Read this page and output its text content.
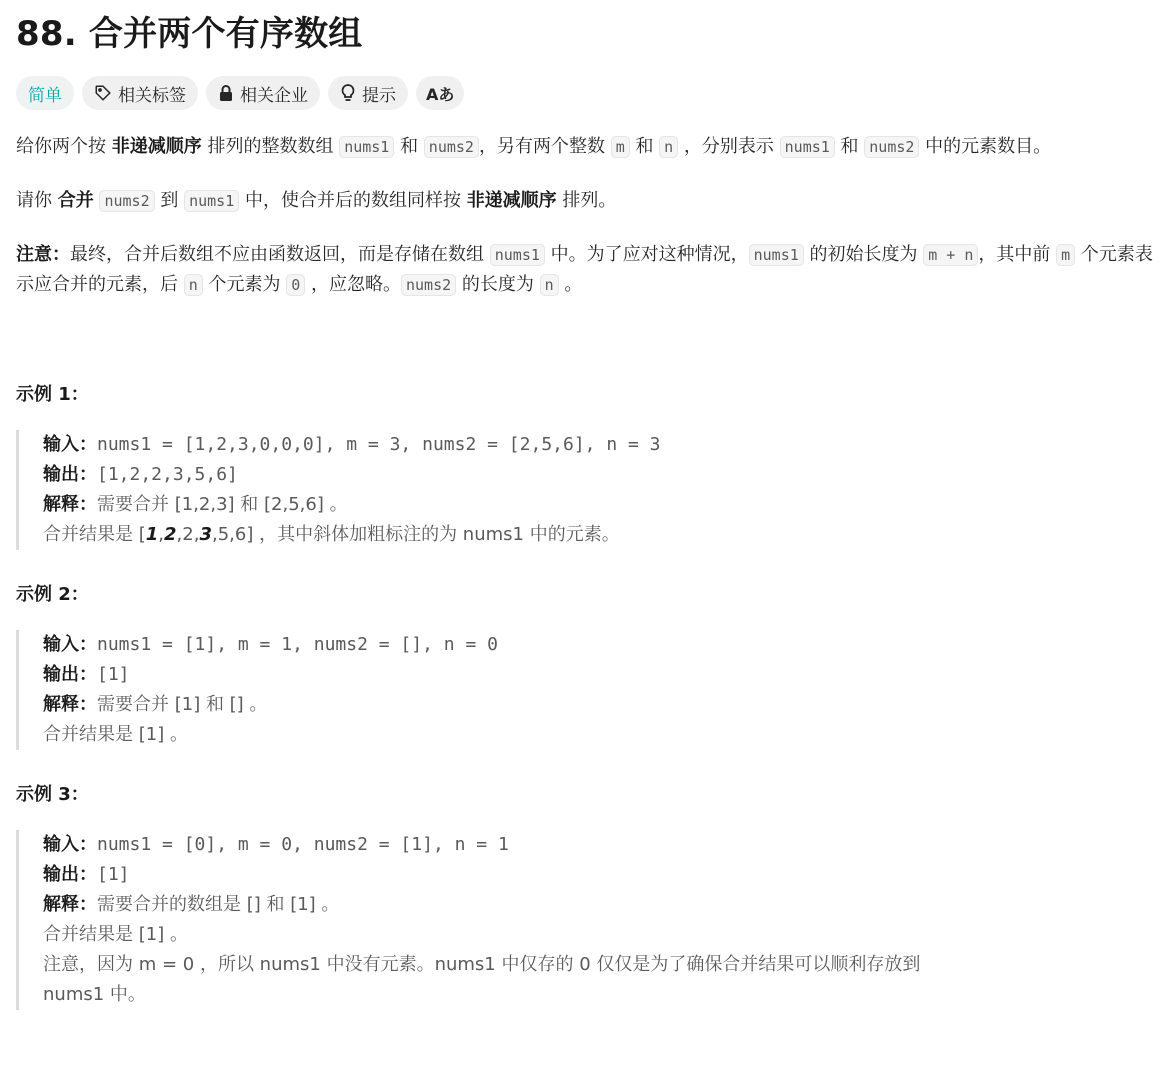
88. 合并两个有序数组
简单	相关标签	相关企业	提示 Aあ

给你两个按 非递减顺序 排列的整数数组 nums1 和 nums2 ，另有两个整数 m 和 n ，分别表示 nums1 和 nums2 中的元素数目。

请你 合并 nums2 到 nums1 中，使合并后的数组同样按 非递减顺序 排列。

注意：最终，合并后数组不应由函数返回，而是存储在数组 nums1 中。为了应对这种情况， nums1 的初始长度为 m + n ，其中前 m 个元素表示应合并的元素，后 n 个元素为 0 ，应忽略。 nums2 的长度为 n 。

示例 1：

输入：nums1 = [1,2,3,0,0,0], m = 3, nums2 = [2,5,6], n = 3
输出：[1,2,2,3,5,6]
解释：需要合并 [1,2,3] 和 [2,5,6] 。
合并结果是 [1,2,2,3,5,6] ，其中斜体加粗标注的为 nums1 中的元素。

示例 2：

输入：nums1 = [1], m = 1, nums2 = [], n = 0
输出：[1]
解释：需要合并 [1] 和 [] 。
合并结果是 [1] 。

示例 3：

输入：nums1 = [0], m = 0, nums2 = [1], n = 1
输出：[1]
解释：需要合并的数组是 [] 和 [1] 。
合并结果是 [1] 。
注意，因为 m = 0 ，所以 nums1 中没有元素。nums1 中仅存的 0 仅仅是为了确保合并结果可以顺利存放到
nums1 中。
